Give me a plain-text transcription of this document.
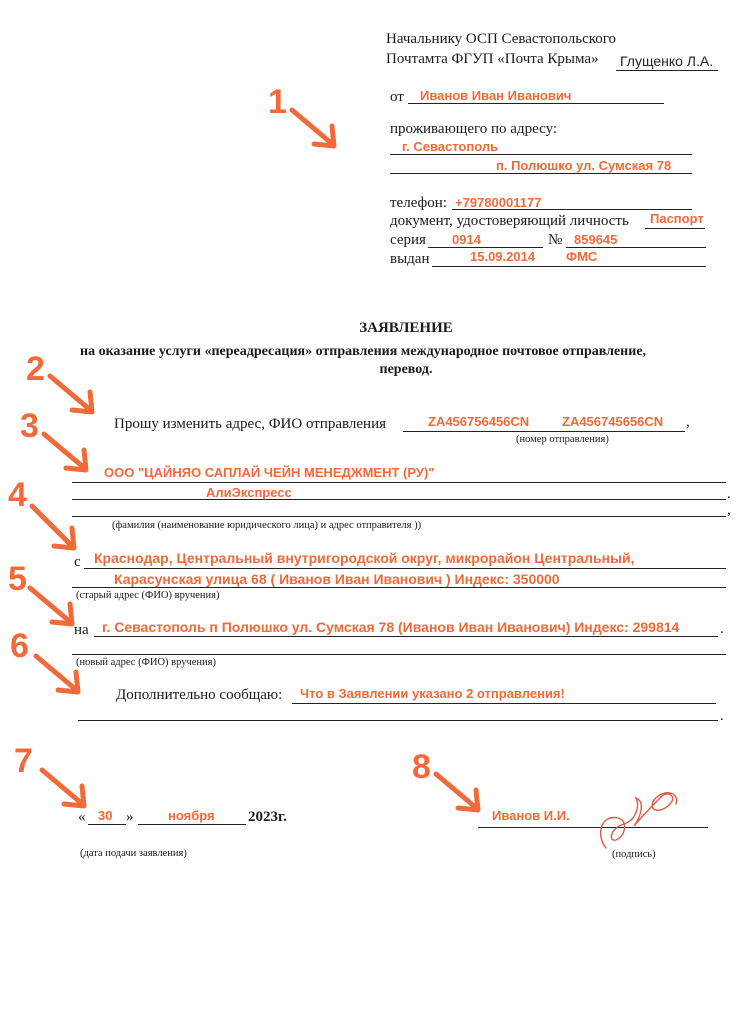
Начальнику ОСП Севастопольского
Почтамта ФГУП «Почта Крыма» Глущенко Л.А.
от Иванов Иван Иванович
проживающего по адресу:
г. Севастополь
п. Полюшко ул. Сумская 78
телефон: +79780001177
документ, удостоверяющий личность Паспорт
серия 0914	№ 859645
выдан	15.09.2014 ФМС
ЗАЯВЛЕНИЕ
на оказание услуги «переадресация» отправления международное почтовое отправление,
перевод.
Прошу изменить адрес, ФИО отправления	,
ZA456756456CN	ZA456745656CN
(номер отправления)
ООО "ЦАЙНЯО САПЛАЙ ЧЕЙН МЕНЕДЖМЕНТ (РУ)"
.
АлиЭкспресс
,
(фамилия (наименование юридического лица) и адрес отправителя ))
с Краснодар, Центральный внутригородской округ, микрорайон Центральный,
Карасунская улица 68 ( Иванов Иван Иванович ) Индекс: 350000
(старый адрес (ФИО) вручения)
на	.
г. Севастополь п Полюшко ул. Сумская 78 (Иванов Иван Иванович) Индекс: 299814
(новый адрес (ФИО) вручения)
Дополнительно сообщаю: Что в Заявлении указано 2 отправления!
.
« 30 »	ноября 2023г.
(дата подачи заявления)
Иванов И.И.
(подпись)
1
2
3
4
5
6
7	8
